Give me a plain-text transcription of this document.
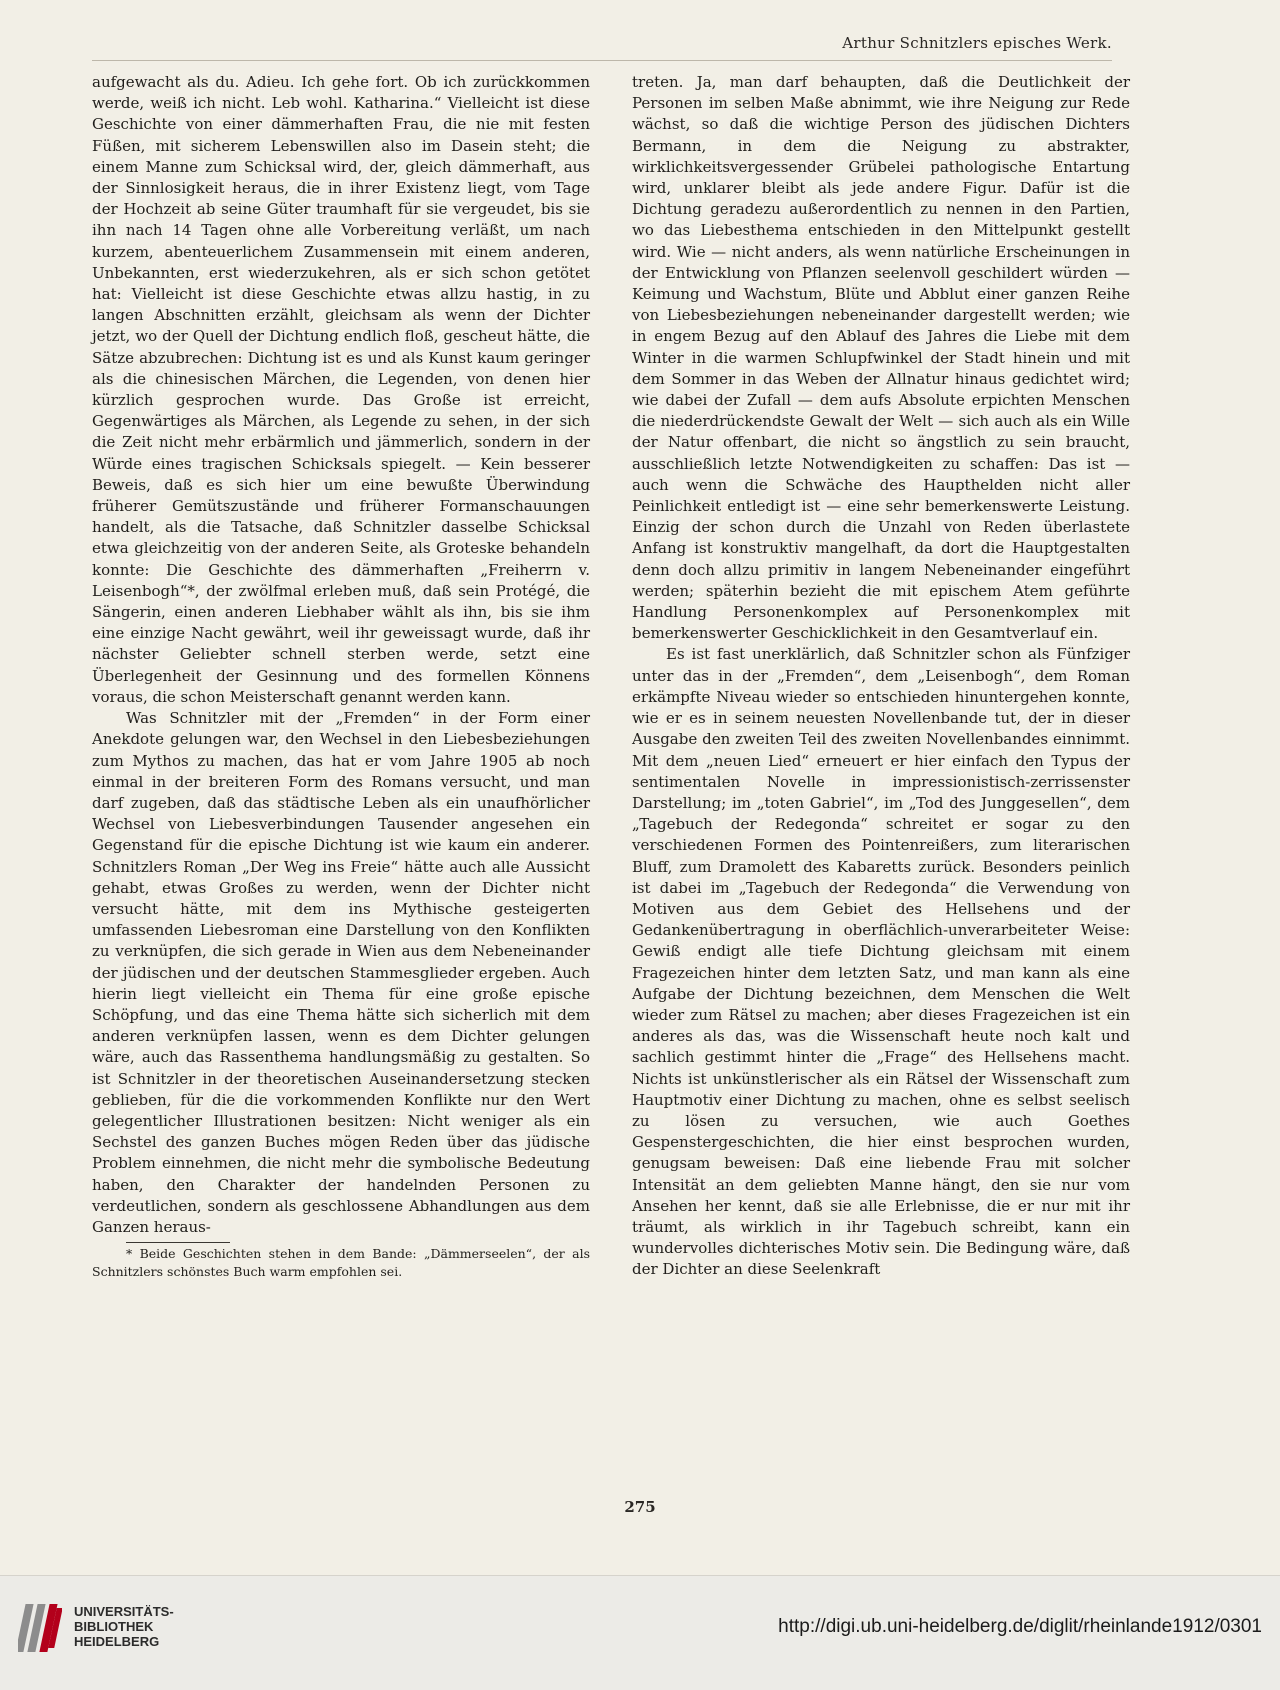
Arthur Schnitzlers episches Werk.

aufgewacht als du. Adieu. Ich gehe fort. Ob ich zurückkommen werde, weiß ich nicht. Leb wohl. Katharina.“ Vielleicht ist diese Geschichte von einer dämmerhaften Frau, die nie mit festen Füßen, mit sicherem Lebenswillen also im Dasein steht; die einem Manne zum Schicksal wird, der, gleich dämmerhaft, aus der Sinnlosigkeit heraus, die in ihrer Existenz liegt, vom Tage der Hochzeit ab seine Güter traumhaft für sie vergeudet, bis sie ihn nach 14 Tagen ohne alle Vorbereitung verläßt, um nach kurzem, abenteuerlichem Zusammensein mit einem anderen, Unbekannten, erst wiederzukehren, als er sich schon getötet hat: Vielleicht ist diese Geschichte etwas allzu hastig, in zu langen Abschnitten erzählt, gleichsam als wenn der Dichter jetzt, wo der Quell der Dichtung endlich floß, gescheut hätte, die Sätze abzubrechen: Dichtung ist es und als Kunst kaum geringer als die chinesischen Märchen, die Legenden, von denen hier kürzlich gesprochen wurde. Das Große ist erreicht, Gegenwärtiges als Märchen, als Legende zu sehen, in der sich die Zeit nicht mehr erbärmlich und jämmerlich, sondern in der Würde eines tragischen Schicksals spiegelt. — Kein besserer Beweis, daß es sich hier um eine bewußte Überwindung früherer Gemütszustände und früherer Formanschauungen handelt, als die Tatsache, daß Schnitzler dasselbe Schicksal etwa gleichzeitig von der anderen Seite, als Groteske behandeln konnte: Die Geschichte des dämmerhaften „Freiherrn v. Leisenbogh“*, der zwölfmal erleben muß, daß sein Protégé, die Sängerin, einen anderen Liebhaber wählt als ihn, bis sie ihm eine einzige Nacht gewährt, weil ihr geweissagt wurde, daß ihr nächster Geliebter schnell sterben werde, setzt eine Überlegenheit der Gesinnung und des formellen Könnens voraus, die schon Meisterschaft genannt werden kann.

Was Schnitzler mit der „Fremden“ in der Form einer Anekdote gelungen war, den Wechsel in den Liebesbeziehungen zum Mythos zu machen, das hat er vom Jahre 1905 ab noch einmal in der breiteren Form des Romans versucht, und man darf zugeben, daß das städtische Leben als ein unaufhörlicher Wechsel von Liebesverbindungen Tausender angesehen ein Gegenstand für die epische Dichtung ist wie kaum ein anderer. Schnitzlers Roman „Der Weg ins Freie“ hätte auch alle Aussicht gehabt, etwas Großes zu werden, wenn der Dichter nicht versucht hätte, mit dem ins Mythische gesteigerten umfassenden Liebesroman eine Darstellung von den Konflikten zu verknüpfen, die sich gerade in Wien aus dem Nebeneinander der jüdischen und der deutschen Stammesglieder ergeben. Auch hierin liegt vielleicht ein Thema für eine große epische Schöpfung, und das eine Thema hätte sich sicherlich mit dem anderen verknüpfen lassen, wenn es dem Dichter gelungen wäre, auch das Rassenthema handlungsmäßig zu gestalten. So ist Schnitzler in der theoretischen Auseinandersetzung stecken geblieben, für die die vorkommenden Konflikte nur den Wert gelegentlicher Illustrationen besitzen: Nicht weniger als ein Sechstel des ganzen Buches mögen Reden über das jüdische Problem einnehmen, die nicht mehr die symbolische Bedeutung haben, den Charakter der handelnden Personen zu verdeutlichen, sondern als geschlossene Abhandlungen aus dem Ganzen heraus-

* Beide Geschichten stehen in dem Bande: „Dämmerseelen“, der als Schnitzlers schönstes Buch warm empfohlen sei.

treten. Ja, man darf behaupten, daß die Deutlichkeit der Personen im selben Maße abnimmt, wie ihre Neigung zur Rede wächst, so daß die wichtige Person des jüdischen Dichters Bermann, in dem die Neigung zu abstrakter, wirklichkeitsvergessender Grübelei pathologische Entartung wird, unklarer bleibt als jede andere Figur. Dafür ist die Dichtung geradezu außerordentlich zu nennen in den Partien, wo das Liebesthema entschieden in den Mittelpunkt gestellt wird. Wie — nicht anders, als wenn natürliche Erscheinungen in der Entwicklung von Pflanzen seelenvoll geschildert würden — Keimung und Wachstum, Blüte und Abblut einer ganzen Reihe von Liebesbeziehungen nebeneinander dargestellt werden; wie in engem Bezug auf den Ablauf des Jahres die Liebe mit dem Winter in die warmen Schlupfwinkel der Stadt hinein und mit dem Sommer in das Weben der Allnatur hinaus gedichtet wird; wie dabei der Zufall — dem aufs Absolute erpichten Menschen die niederdrückendste Gewalt der Welt — sich auch als ein Wille der Natur offenbart, die nicht so ängstlich zu sein braucht, ausschließlich letzte Notwendigkeiten zu schaffen: Das ist — auch wenn die Schwäche des Haupthelden nicht aller Peinlichkeit entledigt ist — eine sehr bemerkenswerte Leistung. Einzig der schon durch die Unzahl von Reden überlastete Anfang ist konstruktiv mangelhaft, da dort die Hauptgestalten denn doch allzu primitiv in langem Nebeneinander eingeführt werden; späterhin bezieht die mit epischem Atem geführte Handlung Personenkomplex auf Personenkomplex mit bemerkenswerter Geschicklichkeit in den Gesamtverlauf ein.

Es ist fast unerklärlich, daß Schnitzler schon als Fünfziger unter das in der „Fremden“, dem „Leisenbogh“, dem Roman erkämpfte Niveau wieder so entschieden hinuntergehen konnte, wie er es in seinem neuesten Novellenbande tut, der in dieser Ausgabe den zweiten Teil des zweiten Novellenbandes einnimmt. Mit dem „neuen Lied“ erneuert er hier einfach den Typus der sentimentalen Novelle in impressionistisch-zerrissenster Darstellung; im „toten Gabriel“, im „Tod des Junggesellen“, dem „Tagebuch der Redegonda“ schreitet er sogar zu den verschiedenen Formen des Pointenreißers, zum literarischen Bluff, zum Dramolett des Kabaretts zurück. Besonders peinlich ist dabei im „Tagebuch der Redegonda“ die Verwendung von Motiven aus dem Gebiet des Hellsehens und der Gedankenübertragung in oberflächlich-unverarbeiteter Weise: Gewiß endigt alle tiefe Dichtung gleichsam mit einem Fragezeichen hinter dem letzten Satz, und man kann als eine Aufgabe der Dichtung bezeichnen, dem Menschen die Welt wieder zum Rätsel zu machen; aber dieses Fragezeichen ist ein anderes als das, was die Wissenschaft heute noch kalt und sachlich gestimmt hinter die „Frage“ des Hellsehens macht. Nichts ist unkünstlerischer als ein Rätsel der Wissenschaft zum Hauptmotiv einer Dichtung zu machen, ohne es selbst seelisch zu lösen zu versuchen, wie auch Goethes Gespenstergeschichten, die hier einst besprochen wurden, genugsam beweisen: Daß eine liebende Frau mit solcher Intensität an dem geliebten Manne hängt, den sie nur vom Ansehen her kennt, daß sie alle Erlebnisse, die er nur mit ihr träumt, als wirklich in ihr Tagebuch schreibt, kann ein wundervolles dichterisches Motiv sein. Die Bedingung wäre, daß der Dichter an diese Seelenkraft

275
UNIVERSITÄTS-
BIBLIOTHEK
HEIDELBERG
http://digi.ub.uni-heidelberg.de/diglit/rheinlande1912/0301
